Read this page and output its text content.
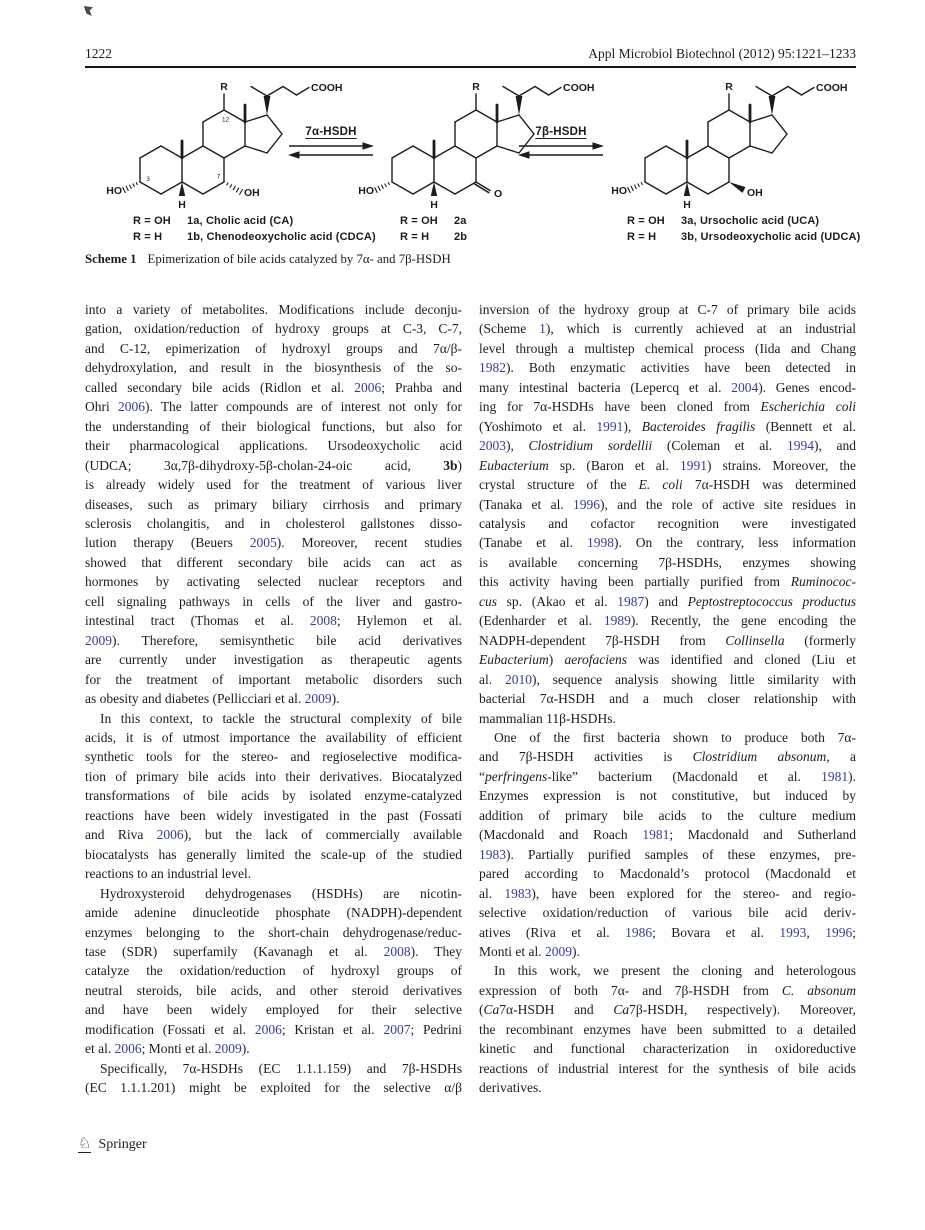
1222	Appl Microbiol Biotechnol (2012) 95:1221–1233
R	COOH
HO
H
OH
3	7
12
R	COOH
HO
H
O
R	COOH
HO
H
OH
7α-HSDH	7β-HSDH
R = OH	1a, Cholic acid (CA)
R = H	1b, Chenodeoxycholic acid (CDCA)
R = OH	2a
R = H	2b
R = OH	3a, Ursocholic acid (UCA)
R = H	3b, Ursodeoxycholic acid (UDCA)
Scheme 1 Epimerization of bile acids catalyzed by 7α- and 7β-HSDH
into a variety of metabolites. Modifications include deconju-
gation, oxidation/reduction of hydroxy groups at C-3, C-7,
and C-12, epimerization of hydroxyl groups and 7α/β-
dehydroxylation, and result in the biosynthesis of the so-
called secondary bile acids (Ridlon et al. 2006; Prahba and
Ohri 2006). The latter compounds are of interest not only for
the understanding of their biological functions, but also for
their pharmacological applications. Ursodeoxycholic acid
(UDCA; 3α,7β-dihydroxy-5β-cholan-24-oic acid, 3b)
is already widely used for the treatment of various liver
diseases, such as primary biliary cirrhosis and primary
sclerosis cholangitis, and in cholesterol gallstones disso-
lution therapy (Beuers 2005). Moreover, recent studies
showed that different secondary bile acids can act as
hormones by activating selected nuclear receptors and
cell signaling pathways in cells of the liver and gastro-
intestinal tract (Thomas et al. 2008; Hylemon et al.
2009). Therefore, semisynthetic bile acid derivatives
are currently under investigation as therapeutic agents
for the treatment of important metabolic disorders such
as obesity and diabetes (Pellicciari et al. 2009).
In this context, to tackle the structural complexity of bile
acids, it is of utmost importance the availability of efficient
synthetic tools for the stereo- and regioselective modifica-
tion of primary bile acids into their derivatives. Biocatalyzed
transformations of bile acids by isolated enzyme-catalyzed
reactions have been widely investigated in the past (Fossati
and Riva 2006), but the lack of commercially available
biocatalysts has generally limited the scale-up of the studied
reactions to an industrial level.
Hydroxysteroid dehydrogenases (HSDHs) are nicotin-
amide adenine dinucleotide phosphate (NADPH)-dependent
enzymes belonging to the short-chain dehydrogenase/reduc-
tase (SDR) superfamily (Kavanagh et al. 2008). They
catalyze the oxidation/reduction of hydroxyl groups of
neutral steroids, bile acids, and other steroid derivatives
and have been widely employed for their selective
modification (Fossati et al. 2006; Kristan et al. 2007; Pedrini
et al. 2006; Monti et al. 2009).
Specifically, 7α-HSDHs (EC 1.1.1.159) and 7β-HSDHs
(EC 1.1.1.201) might be exploited for the selective α/β
inversion of the hydroxy group at C-7 of primary bile acids
(Scheme 1), which is currently achieved at an industrial
level through a multistep chemical process (Iida and Chang
1982). Both enzymatic activities have been detected in
many intestinal bacteria (Lepercq et al. 2004). Genes encod-
ing for 7α-HSDHs have been cloned from Escherichia coli
(Yoshimoto et al. 1991), Bacteroides fragilis (Bennett et al.
2003), Clostridium sordellii (Coleman et al. 1994), and
Eubacterium sp. (Baron et al. 1991) strains. Moreover, the
crystal structure of the E. coli 7α-HSDH was determined
(Tanaka et al. 1996), and the role of active site residues in
catalysis and cofactor recognition were investigated
(Tanabe et al. 1998). On the contrary, less information
is available concerning 7β-HSDHs, enzymes showing
this activity having been partially purified from Ruminococ-
cus sp. (Akao et al. 1987) and Peptostreptococcus productus
(Edenharder et al. 1989). Recently, the gene encoding the
NADPH-dependent 7β-HSDH from Collinsella (formerly
Eubacterium) aerofaciens was identified and cloned (Liu et
al. 2010), sequence analysis showing little similarity with
bacterial 7α-HSDH and a much closer relationship with
mammalian 11β-HSDHs.
One of the first bacteria shown to produce both 7α-
and 7β-HSDH activities is Clostridium absonum, a
“perfringens-like” bacterium (Macdonald et al. 1981).
Enzymes expression is not constitutive, but induced by
addition of primary bile acids to the culture medium
(Macdonald and Roach 1981; Macdonald and Sutherland
1983). Partially purified samples of these enzymes, pre-
pared according to Macdonald’s protocol (Macdonald et
al. 1983), have been explored for the stereo- and regio-
selective oxidation/reduction of various bile acid deriv-
atives (Riva et al. 1986; Bovara et al. 1993, 1996;
Monti et al. 2009).
In this work, we present the cloning and heterologous
expression of both 7α- and 7β-HSDH from C. absonum
(Ca7α-HSDH and Ca7β-HSDH, respectively). Moreover,
the recombinant enzymes have been submitted to a detailed
kinetic and functional characterization in oxidoreductive
reactions of industrial interest for the synthesis of bile acids
derivatives.
♘ Springer
